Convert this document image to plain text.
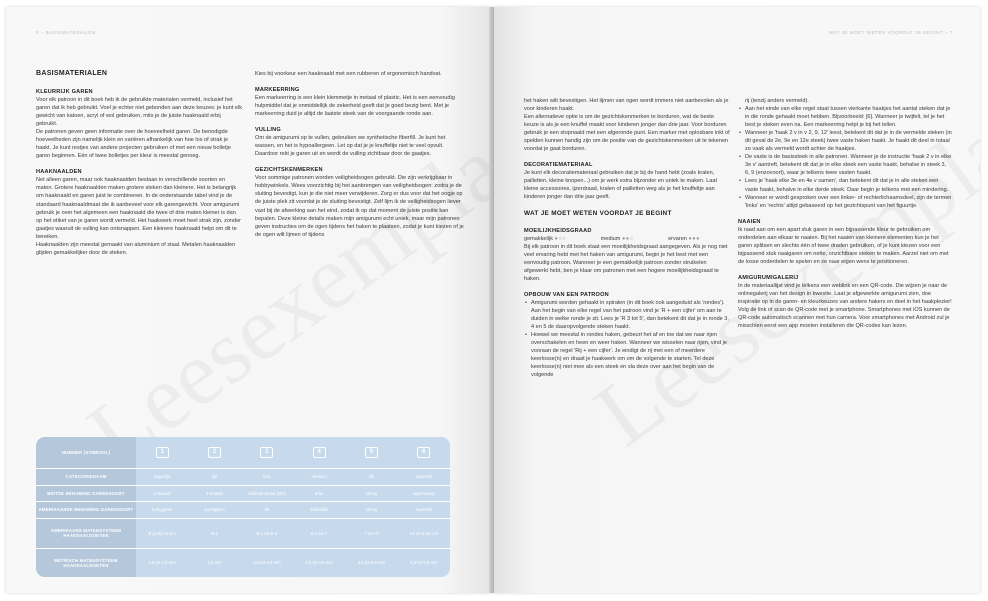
8 – BASISMATERIALEN
BASISMATERIALEN
KLEURRIJK GAREN

Voor elk patroon in dit boek heb ik de gebruikte materialen vermeld, inclusief het garen dat ik heb gebruikt. Voel je echter niet gebonden aan deze keuzes: je kunt elk gewicht van katoen, acryl of wol gebruiken, mits je de juiste haaknaald erbij gebruikt.

De patronen geven geen informatie over de hoeveelheid garen. De benodigde hoeveelheden zijn namelijk klein en variëren afhankelijk van hoe los of strak je haakt. Je kunt restjes van andere projecten gebruiken of met een nieuw bolletje garen beginnen. Eén of twee bolletjes per kleur is meestal genoeg.

HAAKNAALDEN

Net alleen garen, maar ook haaknaalden bestaan in verschillende soorten en maten. Grotere haaknaalden maken grotere steken dan kleinere. Het is belangrijk om haaknaald en garen juist te combineren. In de onderstaande tabel vind je de standaard haaknaaldmaat die ik aanbeveel voor elk garengewicht. Voor amigurumi gebruik je over het algemeen een haaknaald die twee of drie maten kleiner is dan op het etiket van je garen wordt vermeld. Het haakwerk moet heel strak zijn, zonder gaatjes waaruit de vulling kan ontsnappen. Een kleinere haaknaald helpt om dit te bereiken.

Haaknaalden zijn meestal gemaakt van aluminium of staal. Metalen haaknaalden glijden gemakkelijker door de steken.

Kies bij voorkeur een haaknaald met een rubberen of ergonomisch handvat.

MARKEERRING

Een markeerring is een klein klemmetje in metaal of plastic. Het is een eenvoudig hulpmiddel dat je onmiddellijk de zekerheid geeft dat je goed bezig bent. Met je markeerring duid je altijd de laatste steek van de voorgaande ronde aan.

VULLING

Om de amigurumi op te vullen, gebruiken we synthetische fiberfill. Je kunt het wassen, en het is hypoallergeen. Let op dat je je knuffeltje niet te veel opvult. Daardoor rekt je garen uit en wordt de vulling zichtbaar door de gaatjes.

GEZICHTSKENMERKEN

Voor sommige patronen worden veiligheidsogen gebruikt. Die zijn verkrijgbaar in hobbywinkels. Wees voorzichtig bij het aanbrengen van veiligheidsogen: zodra je de sluiting bevestigt, kun je die niet meer verwijderen. Zorg er dus voor dat het oogje op de juiste plek zit voordat je de sluiting bevestigt. Zelf lijm ik de veiligheidsogen liever vast bij de afwerking aan het eind, zodat ik op dat moment de juiste positie kan bepalen. Deze kleine details maken mijn amigurumi echt uniek, maar mijn patronen geven instructies om de ogen tijdens het haken te plaatsen, zodat je kunt kiezen of je de ogen wilt lijmen of tijdens

NUMMER (SYMBOOL)	1	2	3	4	5	6
CATEGORIENAAM	superfijn	fijn	licht	medium	dik	superdik
BRITSE BENAMING GARENSOORT	3-draads	4-draads	dubbele draad (DK)	aran	stevig	superstevig
AMERIKAANSE BENAMING GARENSOORT	babygaren	sportgaren	dk	dubbeldik	stevig	superdik
AMERIKAANS MATENSYSTEEM HAAKNAALDOKTEN	B (ook) tot B-1	B-1	B-1 tot E-4	E-4 tot 7	7 tot I-9	I-9 tot K-10 1/2
METRISCH MATENSYSTEEM HAAKNAALDOKTEN	1,5 tot 2,5 mm	2,5 mm	2,5 tot 3,5 mm	3,5 tot 4,5 mm	4,5 tot 5,5 mm	5,5 tot 6,5 mm
WAT JE MOET WETEN VOORDAT JE BEGINT – 7

het haken wilt bevestigen. Het lijmen van ogen wordt immers niet aanbevolen als je voor kinderen haakt.

Een alternatieve optie is om de gezichtskenmerken te borduren, wat de beste keuze is als je een knuffel maakt voor kinderen jonger dan drie jaar. Voor borduren gebruik je een stopnaald met een afgeronde punt. Een marker met oplosbare inkt of spelden kunnen handig zijn om de positie van de gezichtskenmerken uit te tekenen voordat je gaat borduren.

DECORATIEMATERIAAL

Je kunt elk decoratiemateriaal gebruiken dat je bij de hand hebt (zoals kralen, pailletten, kleine knopen...) om je werk extra bijzonder en uniek te maken. Laat kleine accessoires, ijzerdraad, kralen of pailletten weg als je het knuffeltje aan kinderen jonger dan drie jaar geeft.

WAT JE MOET WETEN VOORDAT JE BEGINT
MOEILIJKHEIDSGRAAD
gemakkelijk ●○○	medium ●●○	ervaren ●●●

Bij elk patroon in dit boek staat een moeilijkheidsgraad aangegeven. Als je nog niet veel ervaring hebt met het haken van amigurumi, begin je het best met een eenvoudig patroon. Wanneer je een gemakkelijk patroon zonder struikelen afgewerkt hebt, ben je klaar om patronen met een hogere moeilijkheidsgraad te haken.

OPBOUW VAN EEN PATROON
• Amigurumi worden gehaakt in spiralen (in dit boek ook aangeduid als 'rondes'). Aan het begin van elke regel van het patroon vind je 'R + een cijfer' om aan te duiden in welke ronde je zit. Lees je 'R 3 tot 5', dan betekent dit dat je in ronde 3, 4 en 5 de daaropvolgende steken haakt.
• Hoewel we meestal in rondes haken, gebeurt het af en toe dat we naar rijen overschakelen en heen en weer haken. Wanneer we wisselen naar rijen, vind je vooraan de regel 'Rij + een cijfer'. Je eindigt de rij met een of meerdere keerlosse(n) en draait je haakwerk om om de volgende te starten. Tel deze keerlosse(n) niet mee als een steek en sla deze over aan het begin van de volgende

rij (tenzij anders vermeld).

• Aan het einde van elke regel staat tussen vierkante haakjes het aantal steken dat je in die ronde gehaakt moet hebben. Bijvoorbeeld: [6]. Wanneer je twijfelt, tel je het best je steken even na. Een markeerring helpt je bij het tellen.
• Wanneer je 'haak 2 v in v 2, 9, 12' leest, betekent dit dat je in de vermelde steken (in dit geval de 2e, 9e en 12e steek) twee vaste haken haakt. Je haakt dit deel in totaal zo vaak als vermeld wordt achter de haakjes.
• De vaste is de basissteek in alle patronen. Wanneer je de instructie 'haak 2 v in elke 3e v' aantreft, betekent dit dat je in elke steek een vaste haakt, behalve in steek 3, 6, 9 (enzovoort), waar je telkens twee vasten haakt.
• Lees je 'haak elke 3e en 4e v samen', dan betekent dit dat je in alle steken een vaste haakt, behalve in elke derde steek. Daar begin je telkens met een mindering.
• Wanneer er wordt gesproken over een linker- of rechterlichaamsdeel, zijn de termen 'links' en 'rechts' altijd gebaseerd op het gezichtspunt van het figuurtje.
NAAIEN

Ik raad aan om een apart stuk garen in een bijpassende kleur te gebruiken om onderdelen aan elkaar te naaien. Bij het naaien van kleinere elementen kun je het garen splitsen en slechts één of twee draden gebruiken, of je kunt kiezen voor een bijpassend stuk naaigaren om nette, onzichtbare steken te maken. Aarzel niet om met de losse onderdelen te spelen en ze naar eigen wens te positioneren.

AMIGURUMIGALERIJ

In de materiaallijst vind je telkens een weblink en een QR-code. Die wijzen je naar de onlinegalerij van het design in kwestie. Laat je afgewerkte amigurumi zien, doe inspiratie op in de garen- en kleurkeuzes van andere hakers en deel in het haakplezier! Volg de link of scan de QR-code met je smartphone. Smartphones met iOS kunnen de QR-code automatisch scannen met hun camera. Voor smartphones met Android zul je misschien eerst een app moeten installeren die QR-codes kan lezen.
